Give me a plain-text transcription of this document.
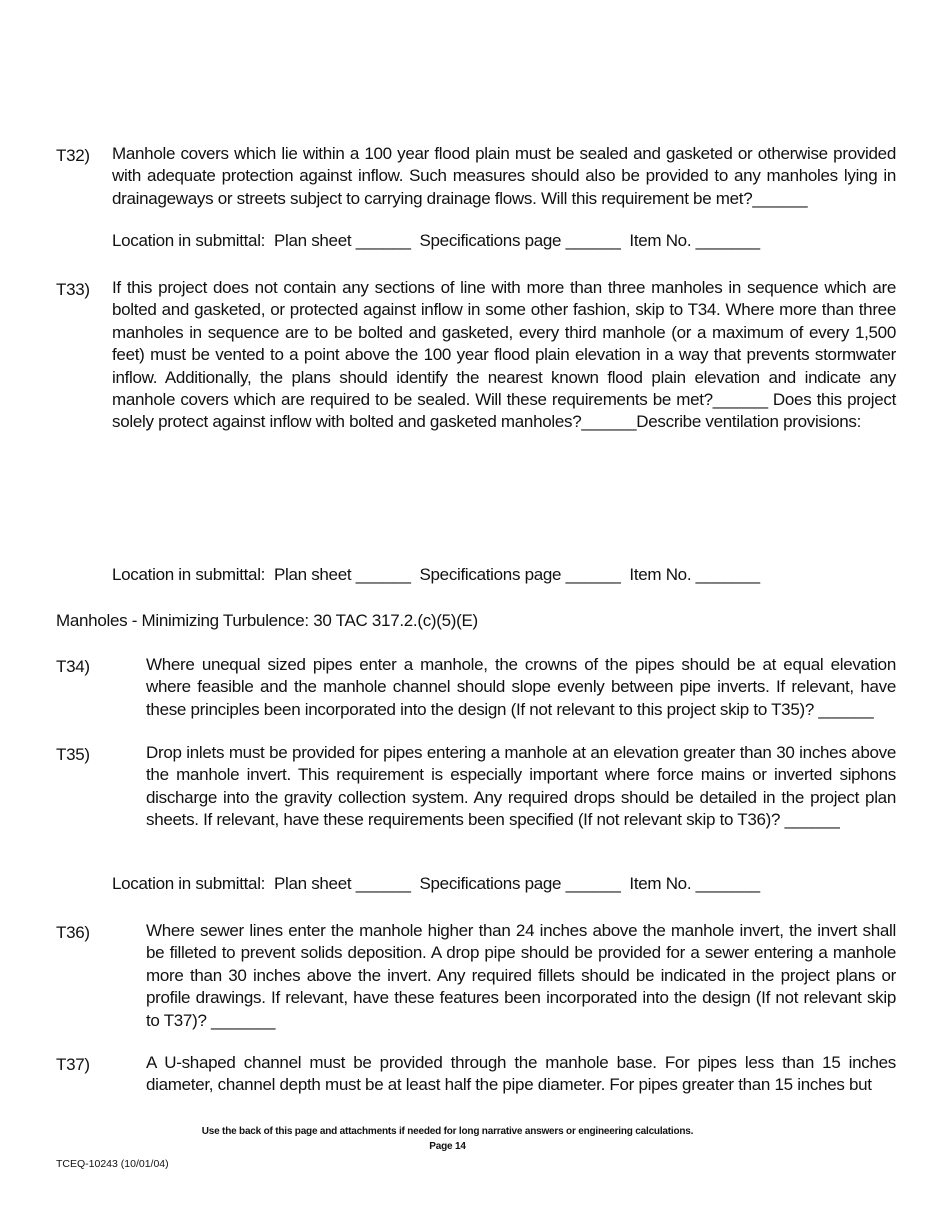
T32) Manhole covers which lie within a 100 year flood plain must be sealed and gasketed or otherwise provided with adequate protection against inflow. Such measures should also be provided to any manholes lying in drainageways or streets subject to carrying drainage flows. Will this requirement be met?______
Location in submittal:  Plan sheet ______  Specifications page ______  Item No. _______
T33) If this project does not contain any sections of line with more than three manholes in sequence which are bolted and gasketed, or protected against inflow in some other fashion, skip to T34. Where more than three manholes in sequence are to be bolted and gasketed, every third manhole (or a maximum of every 1,500 feet) must be vented to a point above the 100 year flood plain elevation in a way that prevents stormwater inflow. Additionally, the plans should identify the nearest known flood plain elevation and indicate any manhole covers which are required to be sealed. Will these requirements be met?______ Does this project solely protect against inflow with bolted and gasketed manholes?______Describe ventilation provisions:
Location in submittal:  Plan sheet ______  Specifications page ______  Item No. _______
Manholes - Minimizing Turbulence: 30 TAC 317.2.(c)(5)(E)
T34)	Where unequal sized pipes enter a manhole, the crowns of the pipes should be at equal elevation where feasible and the manhole channel should slope evenly between pipe inverts. If relevant, have these principles been incorporated into the design (If not relevant to this project skip to T35)? ______
T35)	Drop inlets must be provided for pipes entering a manhole at an elevation greater than 30 inches above the manhole invert. This requirement is especially important where force mains or inverted siphons discharge into the gravity collection system. Any required drops should be detailed in the project plan sheets. If relevant, have these requirements been specified (If not relevant skip to T36)? ______
Location in submittal:  Plan sheet ______  Specifications page ______  Item No. _______
T36)	Where sewer lines enter the manhole higher than 24 inches above the manhole invert, the invert shall be filleted to prevent solids deposition. A drop pipe should be provided for a sewer entering a manhole more than 30 inches above the invert. Any required fillets should be indicated in the project plans or profile drawings. If relevant, have these features been incorporated into the design (If not relevant skip to T37)? _______
T37)	A U-shaped channel must be provided through the manhole base. For pipes less than 15 inches diameter, channel depth must be at least half the pipe diameter. For pipes greater than 15 inches but
Use the back of this page and attachments if needed for long narrative answers or engineering calculations.
Page 14
TCEQ-10243 (10/01/04)
